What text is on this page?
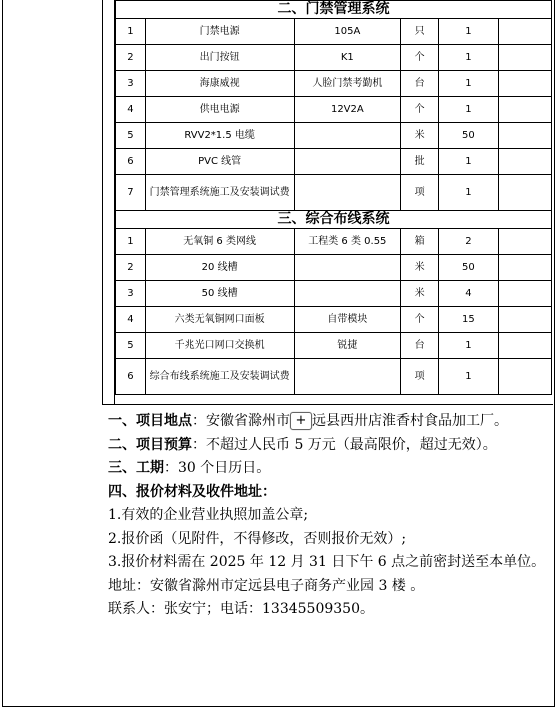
二、门禁管理系统					
1	门禁电源	105A	只	1	
2	出门按钮	K1	个	1	
3	海康威视	人脸门禁考勤机	台	1	
4	供电电源	12V2A	个	1	
5	RVV2*1.5 电缆		米	50	
6	PVC 线管		批	1	
7	门禁管理系统施工及安装调试费		项	1	
三、综合布线系统					
1	无氧铜 6 类网线	工程类 6 类 0.55	箱	2	
2	20 线槽		米	50	
3	50 线槽		米	4	
4	六类无氧铜网口面板	自带模块	个	15	
5	千兆光口网口交换机	锐捷	台	1	
6	综合布线系统施工及安装调试费		项	1	

一、项目地点：安徽省滁州市 + 远县西卅店淮香村食品加工厂。

二、项目预算：不超过人民币 5 万元（最高限价，超过无效）。

三、工期：30 个日历日。

四、报价材料及收件地址：

1.有效的企业营业执照加盖公章;

2.报价函（见附件，不得修改，否则报价无效）;

3.报价材料需在 2025 年 12 月 31 日下午 6 点之前密封送至本单位。

地址：安徽省滁州市定远县电子商务产业园 3 楼 。

联系人：张安宁；电话：13345509350。
